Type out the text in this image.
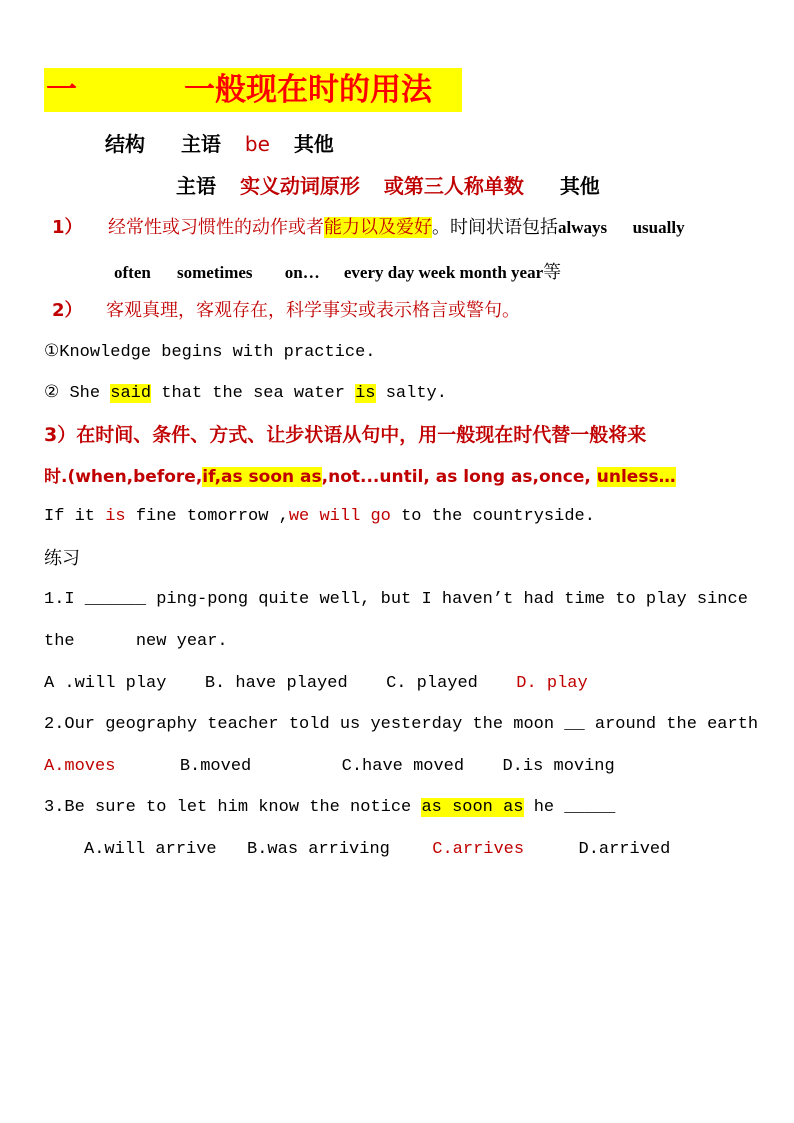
一	一般现在时的用法
结构 主语 be 其他
主语 实义动词原形 或第三人称单数 其他
1） 经常性或习惯性的动作或者能力以及爱好。时间状语包括always usually
often sometimes on… every day week month year等
2） 客观真理，客观存在，科学事实或表示格言或警句。
①Knowledge begins with practice.
② She said that the sea water is salty.
3）在时间、条件、方式、让步状语从句中，用一般现在时代替一般将来
时.(when,before,if,as soon as,not...until, as long as,once, unless…
If it is fine tomorrow ,we will go to the countryside.
练习
1.I ______ ping-pong quite well, but I haven’t had time to play since
the      new year.
A .will play B. have played C. played D. play
2.Our geography teacher told us yesterday the moon __ around the earth
A.moves	B.moved	C.have moved D.is moving
3.Be sure to let him know the notice as soon as he _____
A.will arrive B.was arriving C.arrives	D.arrived
